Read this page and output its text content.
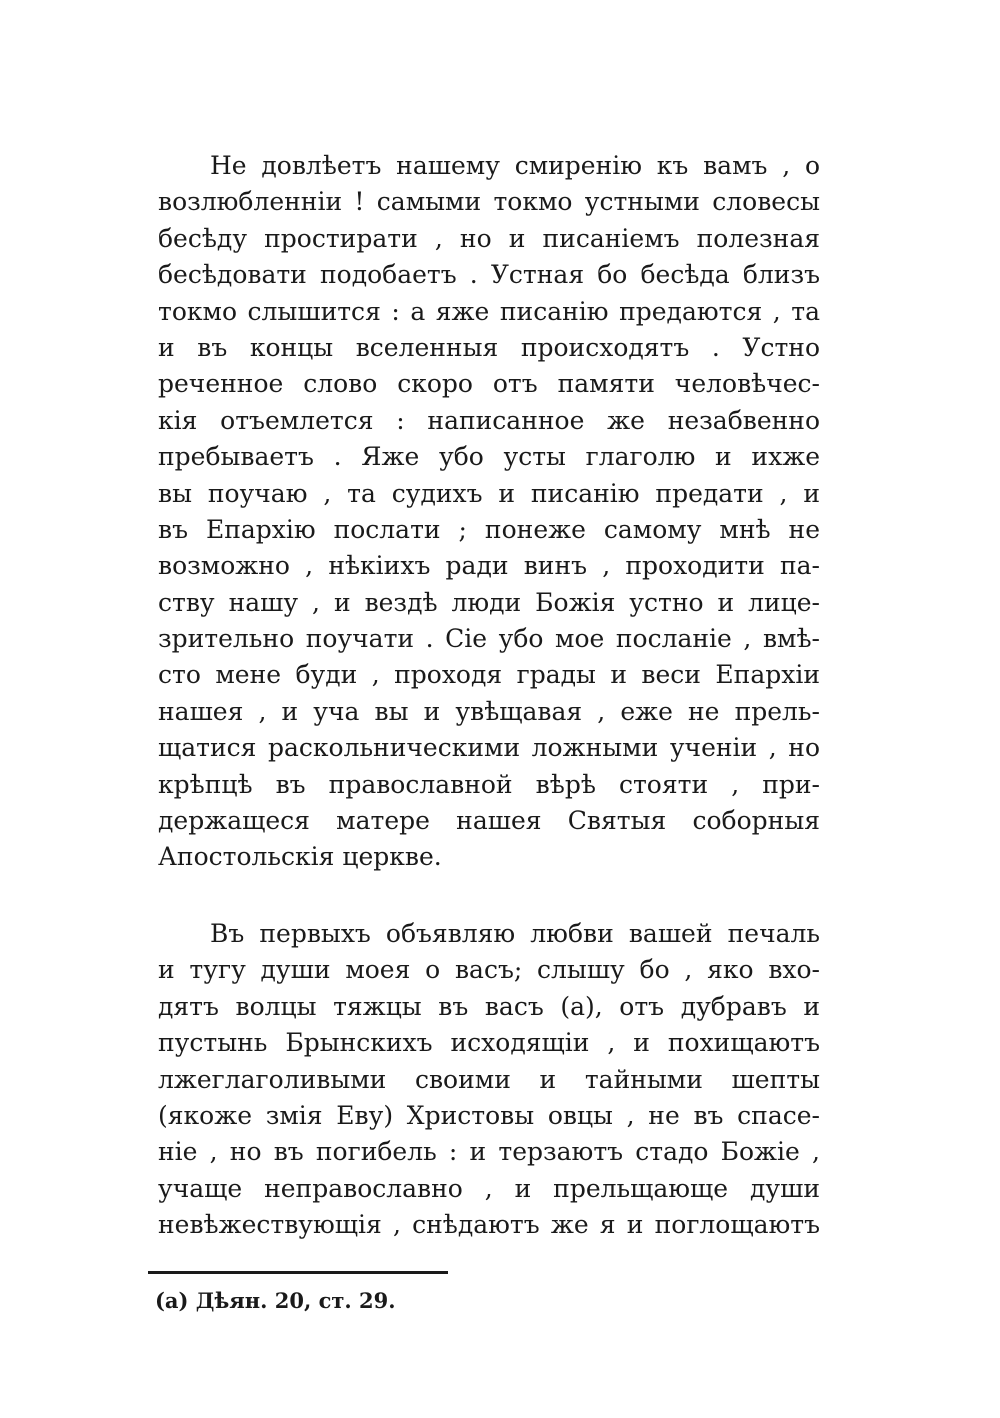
Не довлѣетъ нашему смиренію къ вамъ , о
возлюбленніи ! самыми токмо устными словесы
бесѣду простирати , но и писаніемъ полезная
бесѣдовати подобаетъ . Устная бо бесѣда близъ
токмо слышится : а яже писанію предаются , та
и въ концы вселенныя происходятъ . Устно
реченное слово скоро отъ памяти человѣчес-
кія отъемлется : написанное же незабвенно
пребываетъ . Яже убо усты глаголю и ихже
вы поучаю , та судихъ и писанію предати , и
въ Епархію послати ; понеже самому мнѣ не
возможно , нѣкіихъ ради винъ , проходити па-
ству нашу , и вездѣ люди Божія устно и лице-
зрительно поучати . Сіе убо мое посланіе , вмѣ-
сто мене буди , проходя грады и веси Епархіи
нашея , и уча вы и увѣщавая , еже не прель-
щатися раскольническими ложными ученіи , но
крѣпцѣ въ православной вѣрѣ стояти , при-
держащеся матере нашея Святыя соборныя
Апостольскія церкве.
Въ первыхъ объявляю любви вашей печаль
и тугу души моея о васъ; слышу бо , яко вхо-
дятъ волцы тяжцы въ васъ (а), отъ дубравъ и
пустынь Брынскихъ исходящіи , и похищаютъ
лжеглаголивыми своими и тайными шепты
(якоже змія Еву) Христовы овцы , не въ спасе-
ніе , но въ погибель : и терзаютъ стадо Божіе ,
учаще неправославно , и прельщающе души
невѣжествующія , снѣдаютъ же я и поглощаютъ
(а) Дѣян. 20, ст. 29.
